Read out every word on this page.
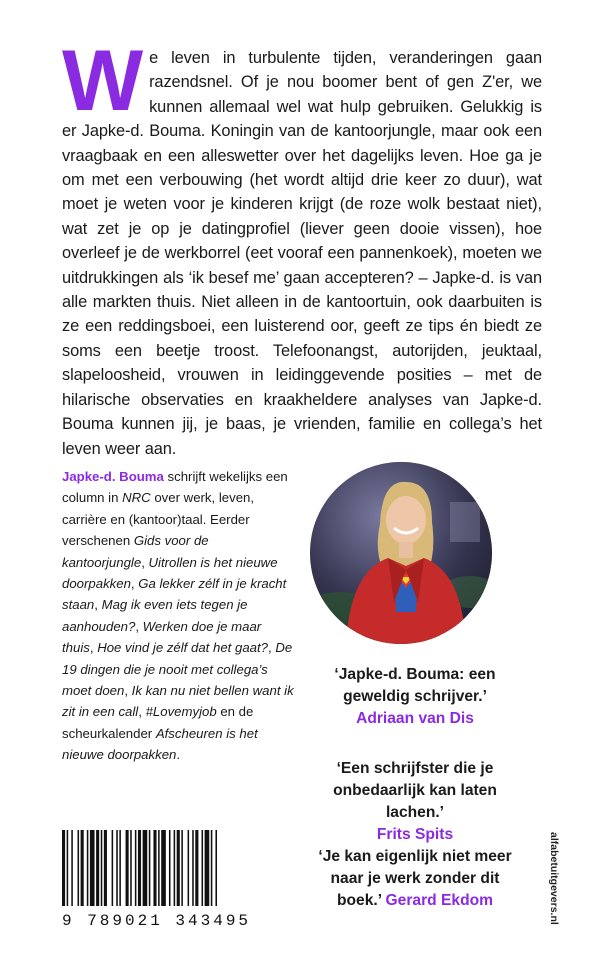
We leven in turbulente tijden, veranderingen gaan razendsnel. Of je nou boomer bent of gen Z'er, we kunnen allemaal wel wat hulp gebruiken. Gelukkig is er Japke-d. Bouma. Koningin van de kantoorjungle, maar ook een vraagbaak en een alleswetter over het dagelijks leven. Hoe ga je om met een verbouwing (het wordt altijd drie keer zo duur), wat moet je weten voor je kinderen krijgt (de roze wolk bestaat niet), wat zet je op je datingprofiel (liever geen dooie vissen), hoe overleef je de werkborrel (eet vooraf een pannenkoek), moeten we uitdrukkingen als ‘ik besef me’ gaan accepteren? – Japke-d. is van alle markten thuis. Niet alleen in de kantoortuin, ook daarbuiten is ze een reddingsboei, een luisterend oor, geeft ze tips én biedt ze soms een beetje troost. Telefoonangst, autorijden, jeuktaal, slapeloosheid, vrouwen in leidinggevende posities – met de hilarische observaties en kraakheldere analyses van Japke-d. Bouma kunnen jij, je baas, je vrienden, familie en collega’s het leven weer aan.
Japke-d. Bouma schrijft wekelijks een column in NRC over werk, leven, carrière en (kantoor)taal. Eerder verschenen Gids voor de kantoorjungle, Uitrollen is het nieuwe doorpakken, Ga lekker zélf in je kracht staan, Mag ik even iets tegen je aanhouden?, Werken doe je maar thuis, Hoe vind je zélf dat het gaat?, De 19 dingen die je nooit met collega’s moet doen, Ik kan nu niet bellen want ik zit in een call, #Lovemyjob en de scheurkalender Afscheuren is het nieuwe doorpakken.
‘Japke-d. Bouma: een geweldig schrijver.’
Adriaan van Dis
‘Een schrijfster die je onbedaarlijk kan laten lachen.’
Frits Spits
‘Je kan eigenlijk niet meer naar je werk zonder dit boek.’ Gerard Ekdom
9 789021 343495	alfabetuitgevers.nl
